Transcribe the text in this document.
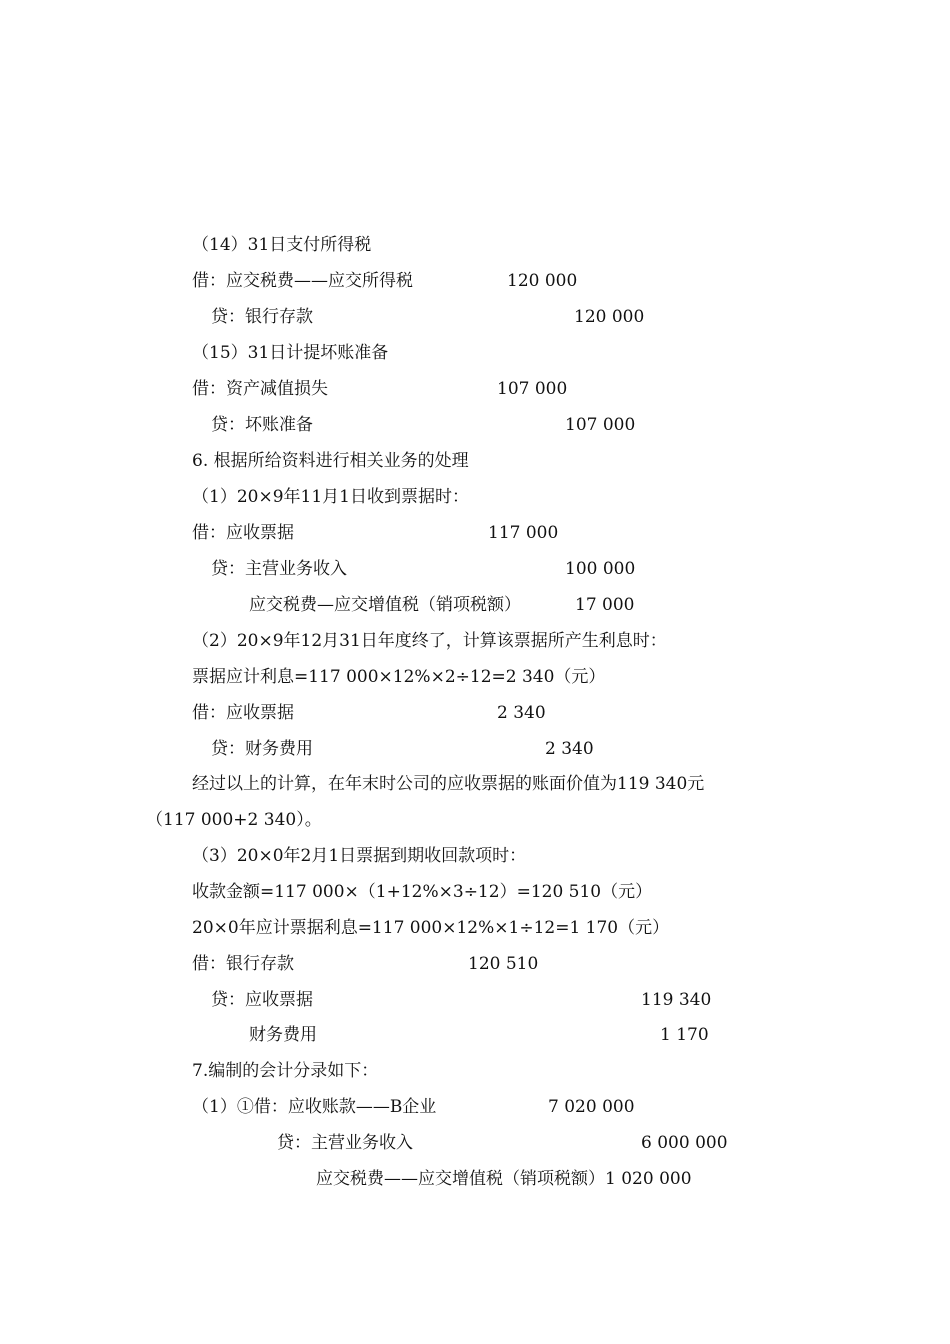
（14）31日支付所得税
借：应交税费——应交所得税	120 000
贷：银行存款	120 000
（15）31日计提坏账准备
借：资产减值损失	107 000
贷：坏账准备	107 000
6. 根据所给资料进行相关业务的处理
（1）20×9年11月1日收到票据时：
借：应收票据	117 000
贷：主营业务收入	100 000
应交税费—应交增值税（销项税额）	17 000
（2）20×9年12月31日年度终了，计算该票据所产生利息时：
票据应计利息=117 000×12%×2÷12=2 340（元）
借：应收票据	2 340
贷：财务费用	2 340
经过以上的计算，在年末时公司的应收票据的账面价值为119 340元
（117 000+2 340）。
（3）20×0年2月1日票据到期收回款项时：
收款金额=117 000×（1+12%×3÷12）=120 510（元）
20×0年应计票据利息=117 000×12%×1÷12=1 170（元）
借：银行存款	120 510
贷：应收票据	119 340
财务费用	1 170
7.编制的会计分录如下：
（1）①借：应收账款——B企业	7 020 000
贷：主营业务收入	6 000 000
应交税费——应交增值税（销项税额）1 020 000
